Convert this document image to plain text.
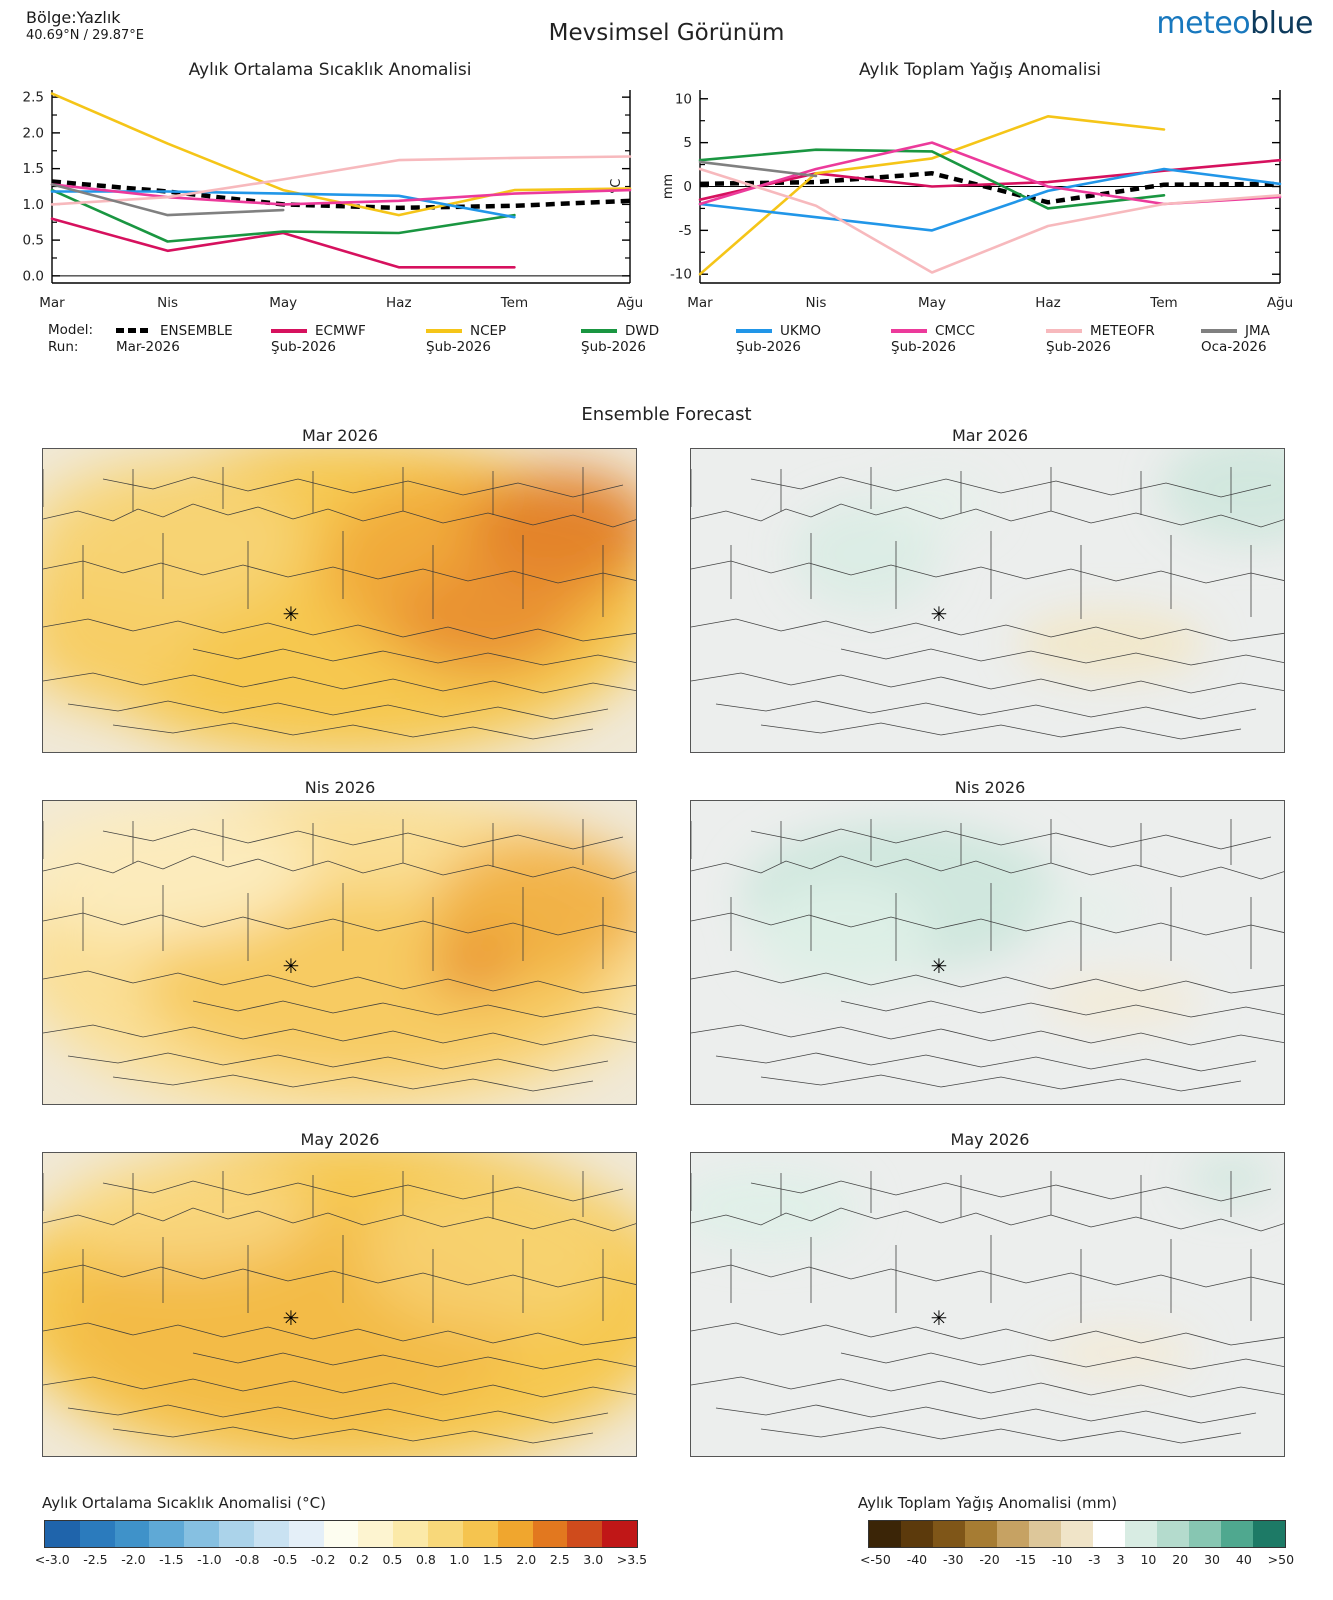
Bölge:Yazlık
40.69°N / 29.87°E	Mevsimsel Görünüm	meteoblue
Aylık Ortalama Sıcaklık Anomalisi	Aylık Toplam Yağış Anomalisi
0.0
0.5
1.0
1.5
2.0
2.5
Mar	Nis	May	Haz	Tem	Ağu
°C
-10
-5
0
5
10
Mar	Nis	May	Haz	Tem	Ağu
mm
Model:
Run:
ENSEMBLE
Mar-2026
ECMWF
Şub-2026
NCEP
Şub-2026
DWD
Şub-2026
UKMO
Şub-2026
CMCC
Şub-2026
METEOFR
Şub-2026
JMA
Oca-2026
Ensemble Forecast
Mar 2026	Mar 2026
Nis 2026	Nis 2026
May 2026	May 2026
✳	✳
✳	✳
✳	✳
Aylık Ortalama Sıcaklık Anomalisi (°C)
<-3.0	-2.5	-2.0	-1.5	-1.0	-0.8	-0.5	-0.2	0.2	0.5	0.8	1.0	1.5	2.0	2.5	3.0	>3.5
Aylık Toplam Yağış Anomalisi (mm)
<-50	-40	-30	-20	-15	-10	-3	3	10	20	30	40	>50
